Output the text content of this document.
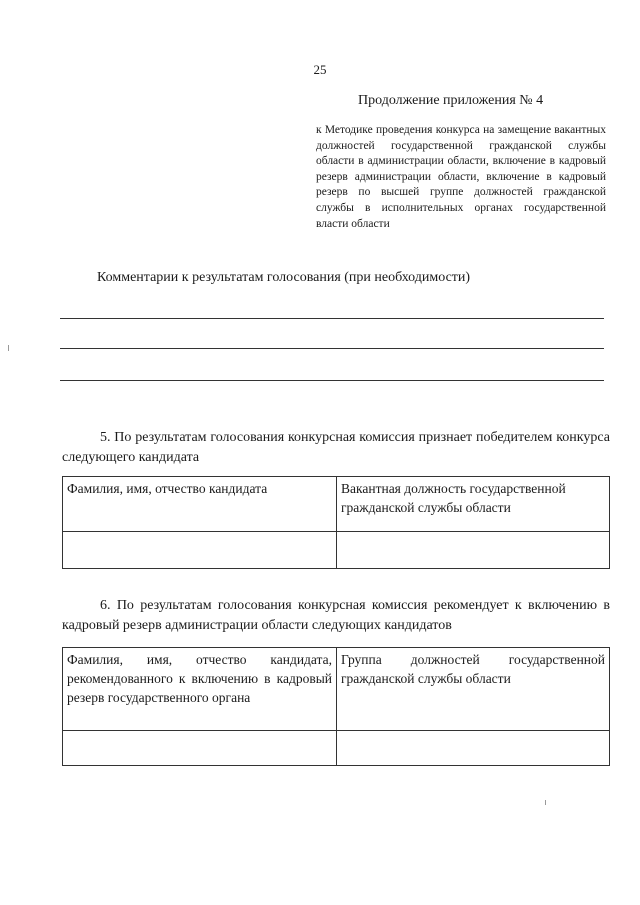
25
Продолжение приложения № 4
к Методике проведения конкурса на замещение вакантных должностей государственной гражданской службы области в администрации области, включение в кадровый резерв администрации области, включение в кадровый резерв по высшей группе должностей гражданской службы в исполнительных органах государственной власти области
Комментарии к результатам голосования (при необходимости)
5. По результатам голосования конкурсная комиссия признает победителем конкурса следующего кандидата
Фамилия, имя, отчество кандидата	Вакантная должность государственной гражданской службы области

6. По результатам голосования конкурсная комиссия рекомендует к включению в кадровый резерв администрации области следующих кандидатов
Фамилия, имя, отчество кандидата, рекомендованного к включению в кадровый резерв государственного органа	Группа должностей государственной гражданской службы области
